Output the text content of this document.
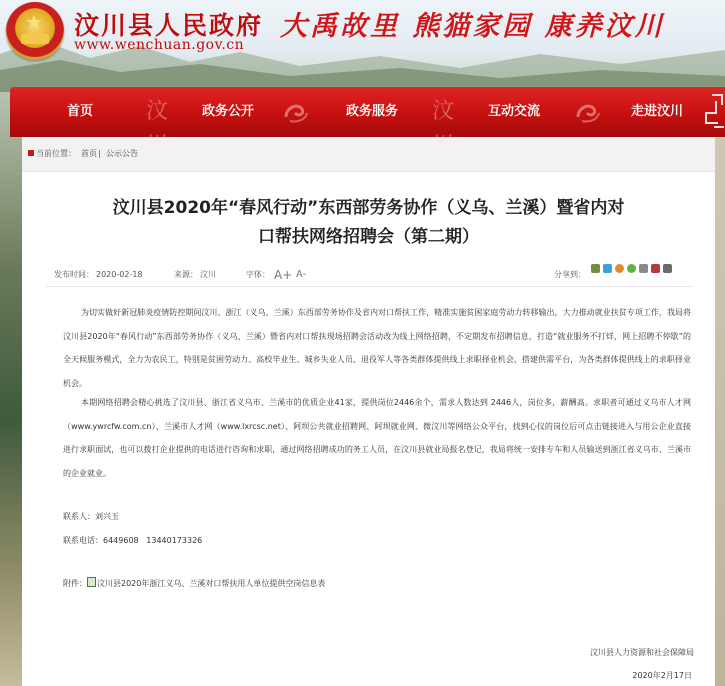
★ 汶川县人民政府
www.wenchuan.gov.cn
大禹故里 熊猫家园 康养汶川
首页	汶	政务公开	政务服务	汶	互动交流	走进汶川
当前位置： 首页 | 公示公告
汶川县2020年“春风行动”东西部劳务协作（义乌、兰溪）暨省内对
口帮扶网络招聘会（第二期）
发布时间： 2020-02-18	来源： 汶川	字体： A+ A-	分享到：

为切实做好新冠肺炎疫情防控期间汶川、浙江（义乌、兰溪）东西部劳务协作及省内对口帮扶工作，精准实施贫困家庭劳动力转移输出，大力推动就业扶贫专项工作，我局将汶川县2020年“春风行动”东西部劳务协作（义乌、兰溪）暨省内对口帮扶现场招聘会活动改为线上网络招聘，不定期发布招聘信息，打造“就业服务不打烊，网上招聘不停歇”的全天候服务模式，全力为农民工，特别是贫困劳动力、高校毕业生、城乡失业人员、退役军人等各类群体提供线上求职择业机会，搭建供需平台，为各类群体提供线上的求职择业机会。

本期网络招聘会精心挑选了汶川县、浙江省义乌市、兰溪市的优质企业41家，提供岗位2446余个，需求人数达到 2446人，岗位多，薪酬高。求职者可通过义乌市人才网（www.ywrcfw.com.cn）、兰溪市人才网（www.lxrcsc.net）、阿坝公共就业招聘网、阿坝就业网、微汶川等网络公众平台，找到心仪的岗位后可点击链接进入与用公企业直接进行求职面试，也可以拨打企业提供的电话进行咨询和求职，通过网络招聘成功的务工人员，在汶川县就业局报名登记，我局将统一安排专车和人员输送到浙江省义乌市、兰溪市的企业就业。

联系人：刘兴玉
联系电话：6449608   13440173326
附件： 汶川县2020年浙江义乌、兰溪对口帮扶用人单位提供空岗信息表
汶川县人力资源和社会保障局
2020年2月17日
